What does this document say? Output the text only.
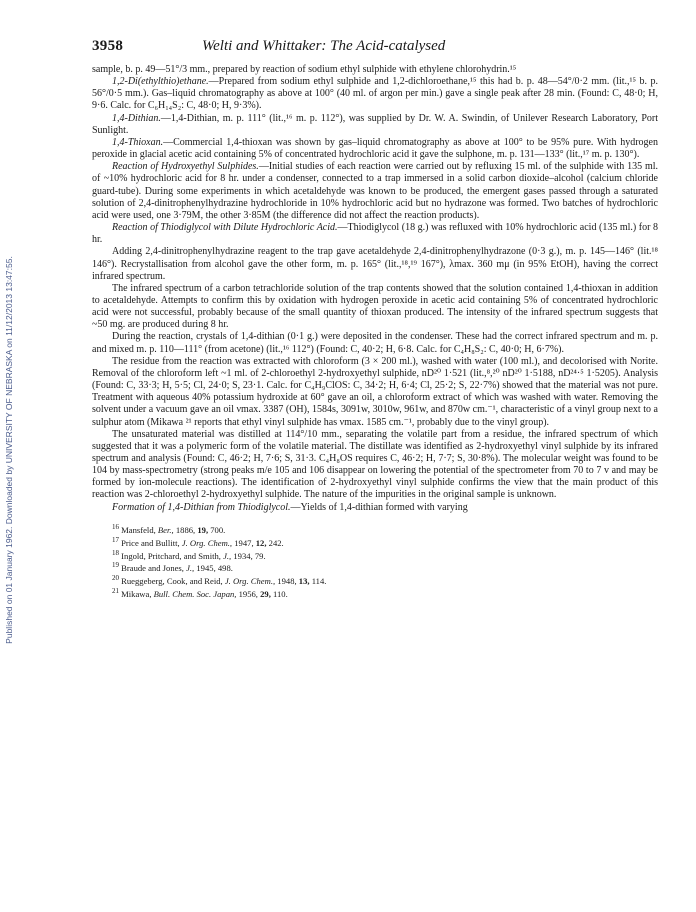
Published on 01 January 1962. Downloaded by UNIVERSITY OF NEBRASKA on 11/12/2013 13:47:55.
3958	Welti and Whittaker: The Acid-catalysed

sample, b. p. 49—51°/3 mm., prepared by reaction of sodium ethyl sulphide with ethylene chlorohydrin.¹⁵

1,2-Di(ethylthio)ethane.—Prepared from sodium ethyl sulphide and 1,2-dichloroethane,¹⁵ this had b. p. 48—54°/0·2 mm. (lit.,¹⁵ b. p. 56°/0·5 mm.). Gas–liquid chromatography as above at 100° (40 ml. of argon per min.) gave a single peak after 28 min. (Found: C, 48·0; H, 9·6. Calc. for C₆H₁₄S₂: C, 48·0; H, 9·3%).

1,4-Dithian.—1,4-Dithian, m. p. 111° (lit.,¹⁶ m. p. 112°), was supplied by Dr. W. A. Swindin, of Unilever Research Laboratory, Port Sunlight.

1,4-Thioxan.—Commercial 1,4-thioxan was shown by gas–liquid chromatography as above at 100° to be 95% pure. With hydrogen peroxide in glacial acetic acid containing 5% of concentrated hydrochloric acid it gave the sulphone, m. p. 131—133° (lit.,¹⁷ m. p. 130°).

Reaction of Hydroxyethyl Sulphides.—Initial studies of each reaction were carried out by refluxing 15 ml. of the sulphide with 135 ml. of ~10% hydrochloric acid for 8 hr. under a condenser, connected to a trap immersed in a solid carbon dioxide–alcohol (calcium chloride guard-tube). During some experiments in which acetaldehyde was known to be produced, the emergent gases passed through a saturated solution of 2,4-dinitrophenylhydrazine hydrochloride in 10% hydrochloric acid but no hydrazone was formed. Two batches of hydrochloric acid were used, one 3·79M, the other 3·85M (the difference did not affect the reaction products).

Reaction of Thiodiglycol with Dilute Hydrochloric Acid.—Thiodiglycol (18 g.) was refluxed with 10% hydrochloric acid (135 ml.) for 8 hr.

Adding 2,4-dinitrophenylhydrazine reagent to the trap gave acetaldehyde 2,4-dinitrophenylhydrazone (0·3 g.), m. p. 145—146° (lit.¹⁸ 146°). Recrystallisation from alcohol gave the other form, m. p. 165° (lit.,¹⁸,¹⁹ 167°), λmax. 360 mμ (in 95% EtOH), having the correct infrared spectrum.

The infrared spectrum of a carbon tetrachloride solution of the trap contents showed that the solution contained 1,4-thioxan in addition to acetaldehyde. Attempts to confirm this by oxidation with hydrogen peroxide in acetic acid containing 5% of concentrated hydrochloric acid were not successful, probably because of the small quantity of thioxan produced. The intensity of the infrared spectrum suggests that ~50 mg. are produced during 8 hr.

During the reaction, crystals of 1,4-dithian (0·1 g.) were deposited in the condenser. These had the correct infrared spectrum and m. p. and mixed m. p. 110—111° (from acetone) (lit.,¹⁶ 112°) (Found: C, 40·2; H, 6·8. Calc. for C₄H₈S₂: C, 40·0; H, 6·7%).

The residue from the reaction was extracted with chloroform (3 × 200 ml.), washed with water (100 ml.), and decolorised with Norite. Removal of the chloroform left ~1 ml. of 2-chloroethyl 2-hydroxyethyl sulphide, nD²⁰ 1·521 (lit.,⁸,²⁰ nD²⁰ 1·5188, nD²⁴·⁵ 1·5205). Analysis (Found: C, 33·3; H, 5·5; Cl, 24·0; S, 23·1. Calc. for C₄H₉ClOS: C, 34·2; H, 6·4; Cl, 25·2; S, 22·7%) showed that the material was not pure. Treatment with aqueous 40% potassium hydroxide at 60° gave an oil, a chloroform extract of which was washed with water. Removing the solvent under a vacuum gave an oil νmax. 3387 (OH), 1584s, 3091w, 3010w, 961w, and 870w cm.⁻¹, characteristic of a vinyl group next to a sulphur atom (Mikawa ²¹ reports that ethyl vinyl sulphide has νmax. 1585 cm.⁻¹, probably due to the vinyl group).

The unsaturated material was distilled at 114°/10 mm., separating the volatile part from a residue, the infrared spectrum of which suggested that it was a polymeric form of the volatile material. The distillate was identified as 2-hydroxyethyl vinyl sulphide by its infrared spectrum and analysis (Found: C, 46·2; H, 7·6; S, 31·3. C₄H₈OS requires C, 46·2; H, 7·7; S, 30·8%). The molecular weight was found to be 104 by mass-spectrometry (strong peaks m/e 105 and 106 disappear on lowering the potential of the spectrometer from 70 to 7 v and may be formed by ion-molecule reactions). The identification of 2-hydroxyethyl vinyl sulphide confirms the view that the main product of this reaction was 2-chloroethyl 2-hydroxyethyl sulphide. The nature of the impurities in the original sample is unknown.

Formation of 1,4-Dithian from Thiodiglycol.—Yields of 1,4-dithian formed with varying

$^{16}$ Mansfeld, Ber., 1886, 19, 700.
$^{17}$ Price and Bullitt, J. Org. Chem., 1947, 12, 242.
$^{18}$ Ingold, Pritchard, and Smith, J., 1934, 79.
$^{19}$ Braude and Jones, J., 1945, 498.
$^{20}$ Rueggeberg, Cook, and Reid, J. Org. Chem., 1948, 13, 114.
$^{21}$ Mikawa, Bull. Chem. Soc. Japan, 1956, 29, 110.
